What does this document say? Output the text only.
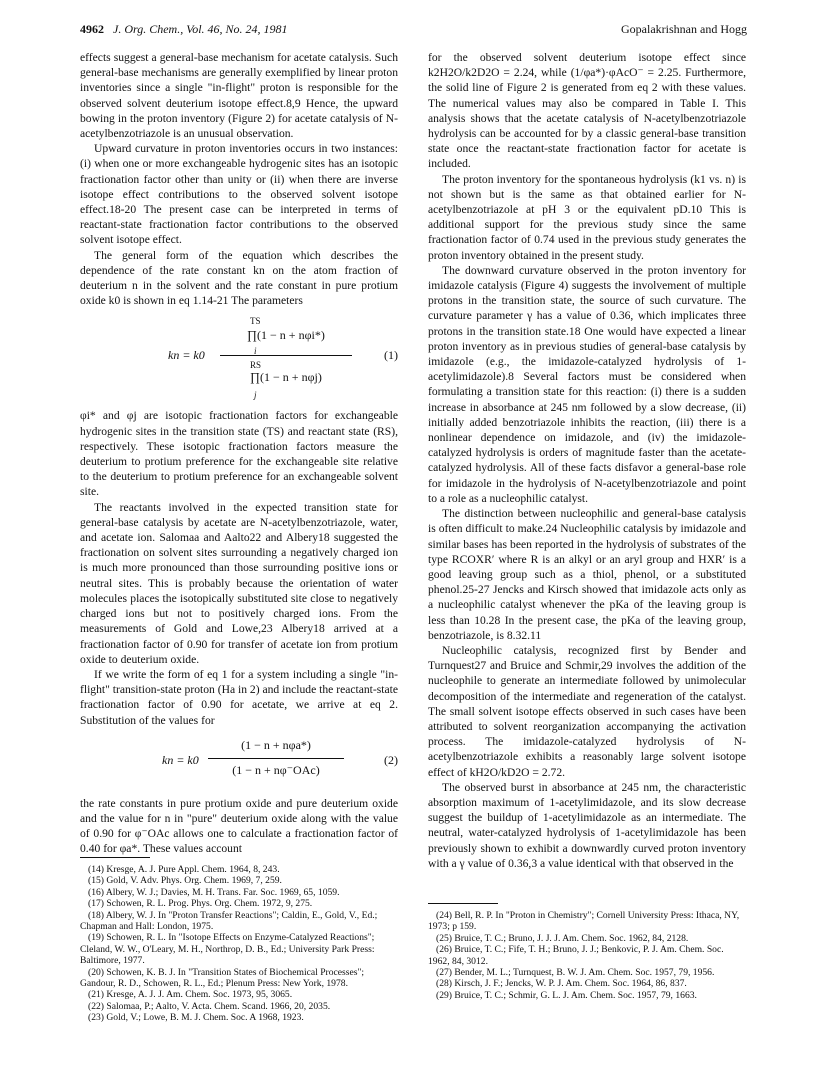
4962 J. Org. Chem., Vol. 46, No. 24, 1981	Gopalakrishnan and Hogg

effects suggest a general-base mechanism for acetate catalysis. Such general-base mechanisms are generally exemplified by linear proton inventories since a single "in-flight" proton is responsible for the observed solvent deuterium isotope effect.8,9 Hence, the upward bowing in the proton inventory (Figure 2) for acetate catalysis of N-acetylbenzotriazole is an unusual observation.

Upward curvature in proton inventories occurs in two instances: (i) when one or more exchangeable hydrogenic sites has an isotopic fractionation factor other than unity or (ii) when there are inverse isotope effect contributions to the observed solvent isotope effect.18-20 The present case can be interpreted in terms of reactant-state fractionation factor contributions to the observed solvent isotope effect.

The general form of the equation which describes the dependence of the rate constant kn on the atom fraction of deuterium n in the solvent and the rate constant in pure protium oxide k0 is shown in eq 1.14-21 The parameters

kn = k0
TS
∏(1 − n + nφi*)
i
RS
∏(1 − n + nφj)
j
(1)

φi* and φj are isotopic fractionation factors for exchangeable hydrogenic sites in the transition state (TS) and reactant state (RS), respectively. These isotopic fractionation factors measure the deuterium to protium preference for the exchangeable site relative to the deuterium to protium preference for an exchangeable solvent site.

The reactants involved in the expected transition state for general-base catalysis by acetate are N-acetylbenzotriazole, water, and acetate ion. Salomaa and Aalto22 and Albery18 suggested the fractionation on solvent sites surrounding a negatively charged ion is much more pronounced than those surrounding positive ions or neutral sites. This is probably because the orientation of water molecules places the isotopically substituted site close to negatively charged ions but not to positively charged ions. From the measurements of Gold and Lowe,23 Albery18 arrived at a fractionation factor of 0.90 for transfer of acetate ion from protium oxide to deuterium oxide.

If we write the form of eq 1 for a system including a single "in-flight" transition-state proton (Ha in 2) and include the reactant-state fractionation factor of 0.90 for acetate, we arrive at eq 2. Substitution of the values for

kn = k0
(1 − n + nφa*)
(1 − n + nφ⁻OAc)
(2)

the rate constants in pure protium oxide and pure deuterium oxide and the value for n in "pure" deuterium oxide along with the value of 0.90 for φ⁻OAc allows one to calculate a fractionation factor of 0.40 for φa*. These values account

for the observed solvent deuterium isotope effect since k2H2O/k2D2O = 2.24, while (1/φa*)·φAcO⁻ = 2.25. Furthermore, the solid line of Figure 2 is generated from eq 2 with these values. The numerical values may also be compared in Table I. This analysis shows that the acetate catalysis of N-acetylbenzotriazole hydrolysis can be accounted for by a classic general-base transition state once the reactant-state fractionation factor for acetate is included.

The proton inventory for the spontaneous hydrolysis (k1 vs. n) is not shown but is the same as that obtained earlier for N-acetylbenzotriazole at pH 3 or the equivalent pD.10 This is additional support for the previous study since the same fractionation factor of 0.74 used in the previous study generates the proton inventory obtained in the present study.

The downward curvature observed in the proton inventory for imidazole catalysis (Figure 4) suggests the involvement of multiple protons in the transition state, the source of such curvature. The curvature parameter γ has a value of 0.36, which implicates three protons in the transition state.18 One would have expected a linear proton inventory as in previous studies of general-base catalysis by imidazole (e.g., the imidazole-catalyzed hydrolysis of 1-acetylimidazole).8 Several factors must be considered when formulating a transition state for this reaction: (i) there is a sudden increase in absorbance at 245 nm followed by a slow decrease, (ii) initially added benzotriazole inhibits the reaction, (iii) there is a nonlinear dependence on imidazole, and (iv) the imidazole-catalyzed hydrolysis is orders of magnitude faster than the acetate-catalyzed hydrolysis. All of these facts disfavor a general-base role for imidazole in the hydrolysis of N-acetylbenzotriazole and point to a role as a nucleophilic catalyst.

The distinction between nucleophilic and general-base catalysis is often difficult to make.24 Nucleophilic catalysis by imidazole and similar bases has been reported in the hydrolysis of substrates of the type RCOXR′ where R is an alkyl or an aryl group and HXR′ is a good leaving group such as a thiol, phenol, or a substituted phenol.25-27 Jencks and Kirsch showed that imidazole acts only as a nucleophilic catalyst whenever the pKa of the leaving group is less than 10.28 In the present case, the pKa of the leaving group, benzotriazole, is 8.32.11

Nucleophilic catalysis, recognized first by Bender and Turnquest27 and Bruice and Schmir,29 involves the addition of the nucleophile to generate an intermediate followed by unimolecular decomposition of the intermediate and regeneration of the catalyst. The small solvent isotope effects observed in such cases have been attributed to solvent reorganization accompanying the activation process. The imidazole-catalyzed hydrolysis of N-acetylbenzotriazole exhibits a reasonably large solvent isotope effect of kH2O/kD2O = 2.72.

The observed burst in absorbance at 245 nm, the characteristic absorption maximum of 1-acetylimidazole, and its slow decrease suggest the buildup of 1-acetylimidazole as an intermediate. The neutral, water-catalyzed hydrolysis of 1-acetylimidazole has been previously shown to exhibit a downwardly curved proton inventory with a γ value of 0.36,3 a value identical with that observed in the

(14) Kresge, A. J. Pure Appl. Chem. 1964, 8, 243.
(15) Gold, V. Adv. Phys. Org. Chem. 1969, 7, 259.
(16) Albery, W. J.; Davies, M. H. Trans. Far. Soc. 1969, 65, 1059.
(17) Schowen, R. L. Prog. Phys. Org. Chem. 1972, 9, 275.
(18) Albery, W. J. In "Proton Transfer Reactions"; Caldin, E., Gold, V., Ed.; Chapman and Hall: London, 1975.
(19) Schowen, R. L. In "Isotope Effects on Enzyme-Catalyzed Reactions"; Cleland, W. W., O'Leary, M. H., Northrop, D. B., Ed.; University Park Press: Baltimore, 1977.
(20) Schowen, K. B. J. In "Transition States of Biochemical Processes"; Gandour, R. D., Schowen, R. L., Ed.; Plenum Press: New York, 1978.
(21) Kresge, A. J. J. Am. Chem. Soc. 1973, 95, 3065.
(22) Salomaa, P.; Aalto, V. Acta. Chem. Scand. 1966, 20, 2035.
(23) Gold, V.; Lowe, B. M. J. Chem. Soc. A 1968, 1923.
(24) Bell, R. P. In "Proton in Chemistry"; Cornell University Press: Ithaca, NY, 1973; p 159.
(25) Bruice, T. C.; Bruno, J. J. J. Am. Chem. Soc. 1962, 84, 2128.
(26) Bruice, T. C.; Fife, T. H.; Bruno, J. J.; Benkovic, P. J. Am. Chem. Soc. 1962, 84, 3012.
(27) Bender, M. L.; Turnquest, B. W. J. Am. Chem. Soc. 1957, 79, 1956.
(28) Kirsch, J. F.; Jencks, W. P. J. Am. Chem. Soc. 1964, 86, 837.
(29) Bruice, T. C.; Schmir, G. L. J. Am. Chem. Soc. 1957, 79, 1663.
